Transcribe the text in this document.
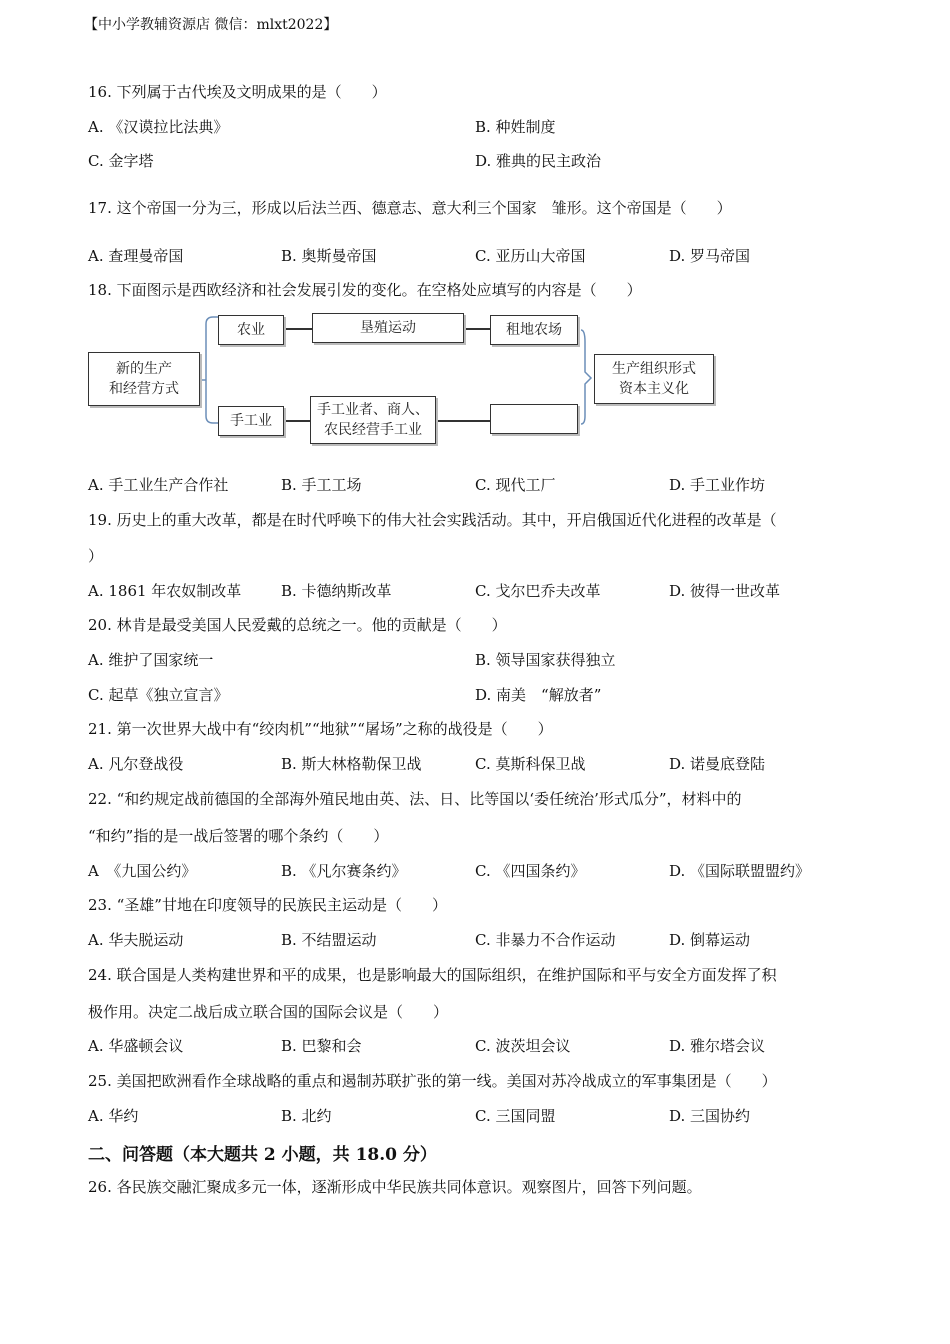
【中小学教辅资源店 微信：mlxt2022】
16. 下列属于古代埃及文明成果的是（　　）
A. 《汉谟拉比法典》	B. 种姓制度
C. 金字塔	D. 雅典的民主政治
17. 这个帝国一分为三，形成以后法兰西、德意志、意大利三个国家　雏形。这个帝国是（　　）
A. 查理曼帝国	B. 奥斯曼帝国	C. 亚历山大帝国	D. 罗马帝国
18. 下面图示是西欧经济和社会发展引发的变化。在空格处应填写的内容是（　　）
新的生产
和经营方式
农业	垦殖运动	租地农场
手工业
手工业者、商人、
农民经营手工业
生产组织形式
资本主义化
A. 手工业生产合作社	B. 手工工场	C. 现代工厂	D. 手工业作坊
19. 历史上的重大改革，都是在时代呼唤下的伟大社会实践活动。其中，开启俄国近代化进程的改革是（
）
A. 1861 年农奴制改革	B. 卡德纳斯改革	C. 戈尔巴乔夫改革	D. 彼得一世改革
20. 林肯是最受美国人民爱戴的总统之一。他的贡献是（　　）
A. 维护了国家统一	B. 领导国家获得独立
C. 起草《独立宣言》	D. 南美　“解放者”
21. 第一次世界大战中有“绞肉机”“地狱”“屠场”之称的战役是（　　）
A. 凡尔登战役	B. 斯大林格勒保卫战	C. 莫斯科保卫战	D. 诺曼底登陆
22. “和约规定战前德国的全部海外殖民地由英、法、日、比等国以‘委任统治’形式瓜分”，材料中的
“和约”指的是一战后签署的哪个条约（　　）
A　《九国公约》	B. 《凡尔赛条约》	C. 《四国条约》	D. 《国际联盟盟约》
23. “圣雄”甘地在印度领导的民族民主运动是（　　）
A. 华夫脱运动	B. 不结盟运动	C. 非暴力不合作运动	D. 倒幕运动
24. 联合国是人类构建世界和平的成果，也是影响最大的国际组织，在维护国际和平与安全方面发挥了积
极作用。决定二战后成立联合国的国际会议是（　　）
A. 华盛顿会议	B. 巴黎和会	C. 波茨坦会议	D. 雅尔塔会议
25. 美国把欧洲看作全球战略的重点和遏制苏联扩张的第一线。美国对苏冷战成立的军事集团是（　　）
A. 华约	B. 北约	C. 三国同盟	D. 三国协约
二、问答题（本大题共 2 小题，共 18.0 分）
26. 各民族交融汇聚成多元一体，逐渐形成中华民族共同体意识。观察图片，回答下列问题。
